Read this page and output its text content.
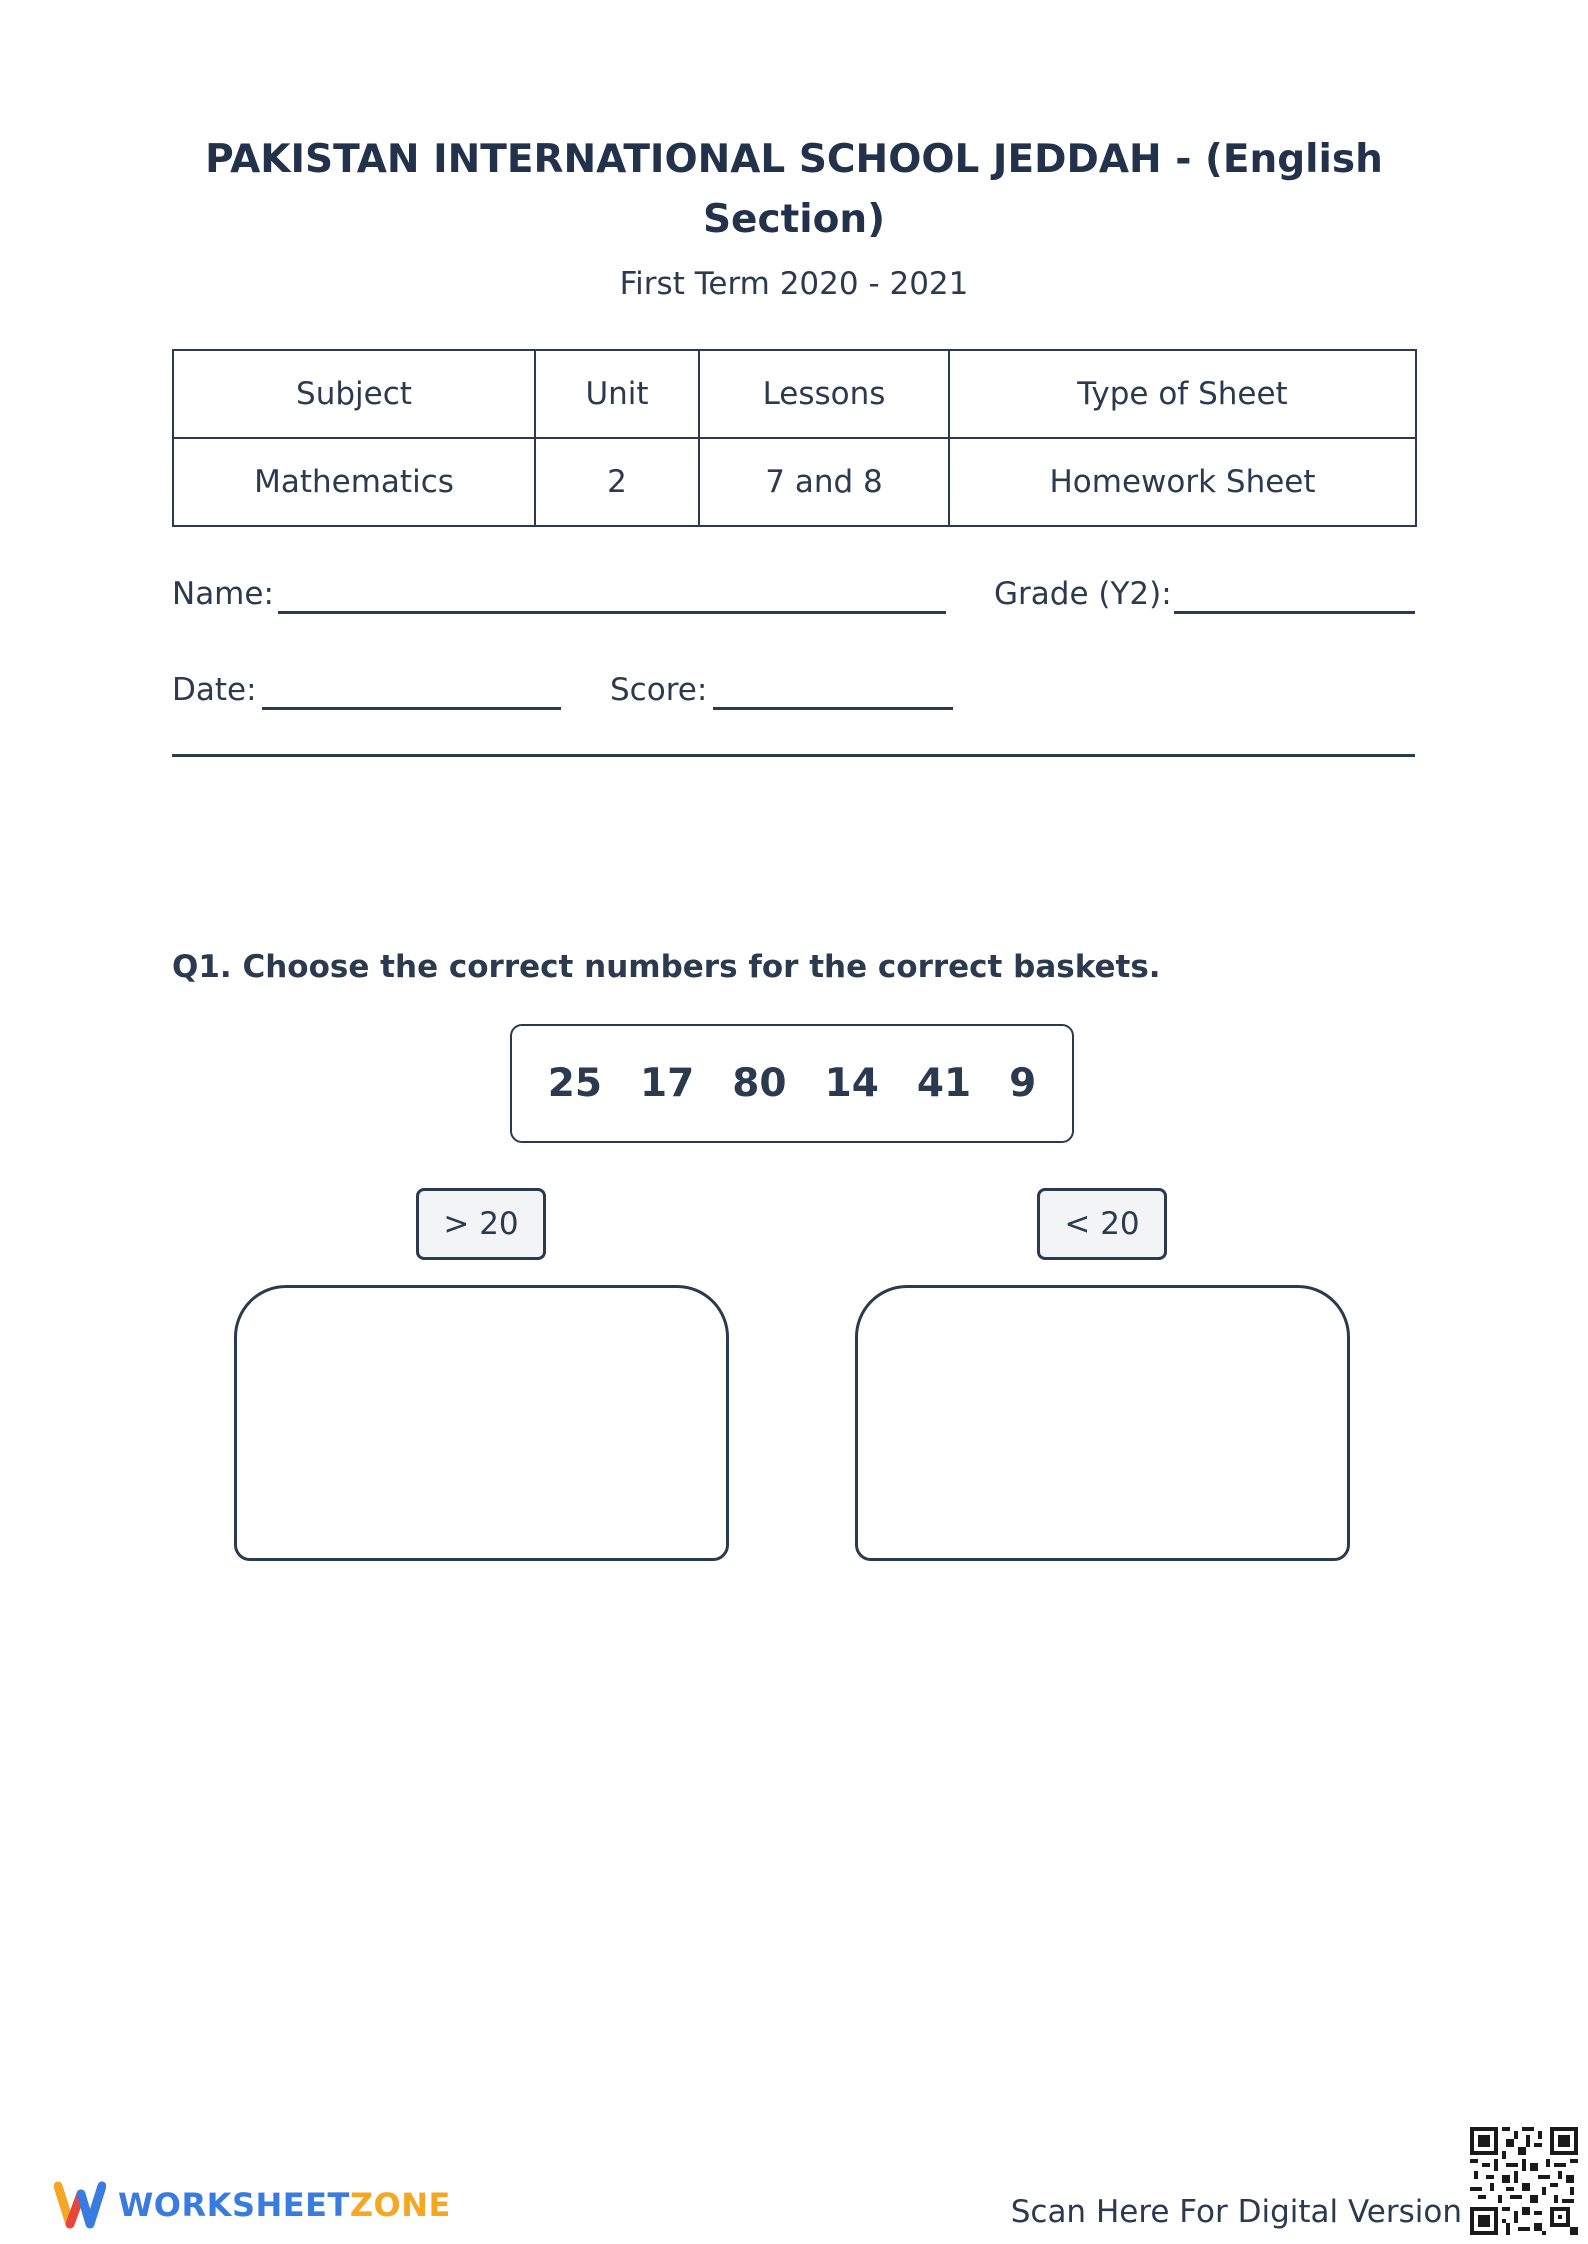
PAKISTAN INTERNATIONAL SCHOOL JEDDAH - (English Section)
First Term 2020 - 2021
Subject	Unit	Lessons	Type of Sheet
Mathematics	2	7 and 8	Homework Sheet
Name:	Grade (Y2):
Date:	Score:
Q1. Choose the correct numbers for the correct baskets.
25 17 80 14 41 9
> 20	< 20
WORKSHEETZONE	Scan Here For Digital Version
